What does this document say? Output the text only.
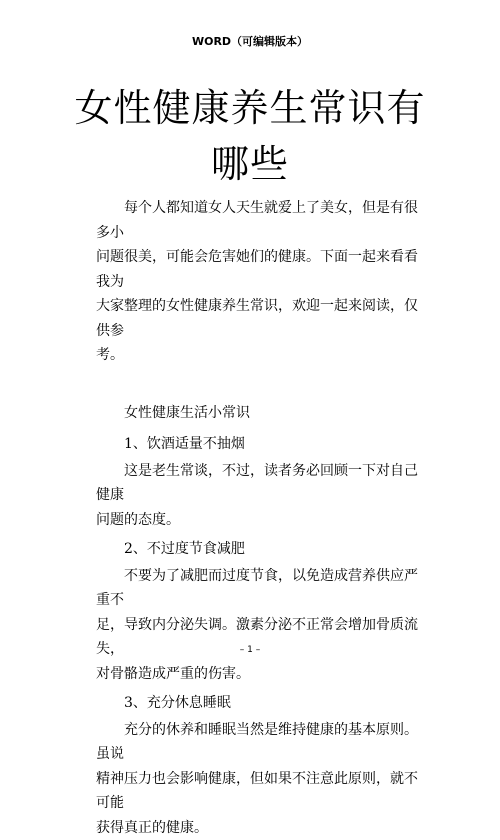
WORD（可编辑版本）
女性健康养生常识有
哪些
每个人都知道女人天生就爱上了美女，但是有很多小
问题很美，可能会危害她们的健康。下面一起来看看我为
大家整理的女性健康养生常识，欢迎一起来阅读，仅供参
考。

女性健康生活小常识

1、饮酒适量不抽烟

这是老生常谈，不过，读者务必回顾一下对自己健康
问题的态度。

2、不过度节食减肥

不要为了减肥而过度节食，以免造成营养供应严重不
足，导致内分泌失调。激素分泌不正常会增加骨质流失，
对骨骼造成严重的伤害。

3、充分休息睡眠

充分的休养和睡眠当然是维持健康的基本原则。虽说
精神压力也会影响健康，但如果不注意此原则，就不可能
获得真正的健康。
– 1 –
